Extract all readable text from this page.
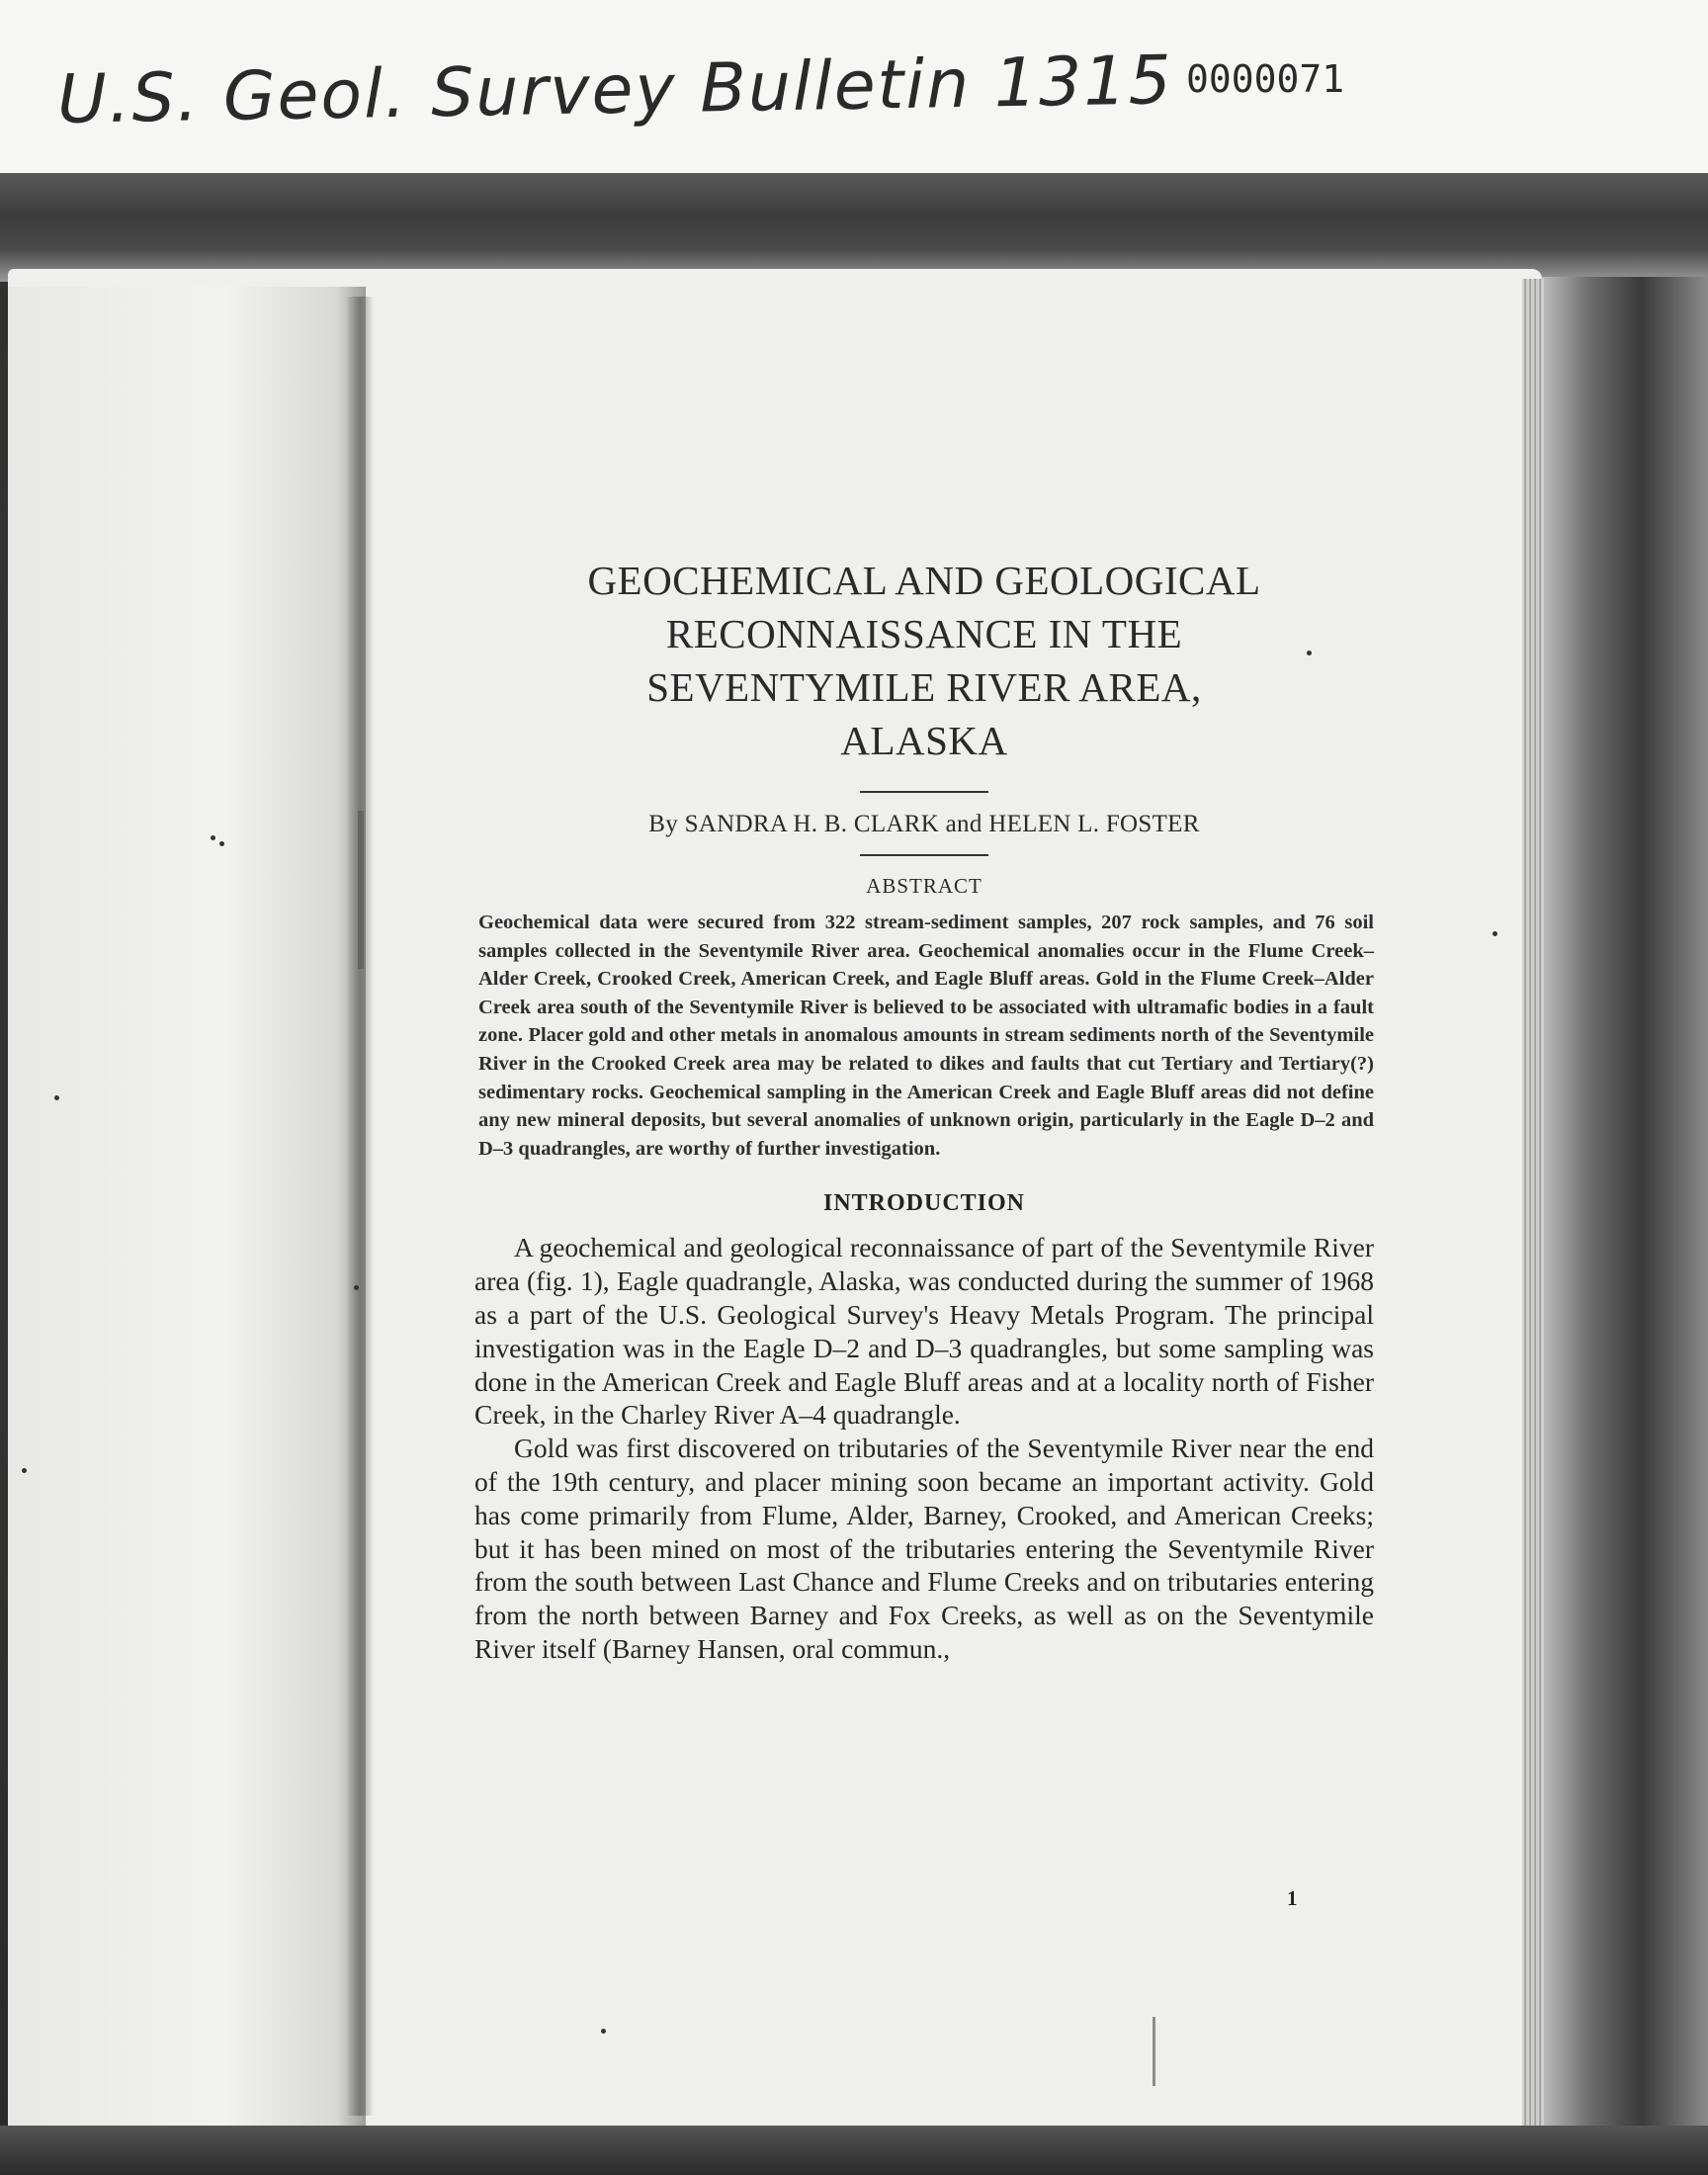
U.S. Geol. Survey Bulletin 1315 0000071
GEOCHEMICAL AND GEOLOGICAL
RECONNAISSANCE IN THE
SEVENTYMILE RIVER AREA,
ALASKA
By SANDRA H. B. CLARK and HELEN L. FOSTER
ABSTRACT

Geochemical data were secured from 322 stream-sediment samples, 207 rock samples, and 76 soil samples collected in the Seventymile River area. Geochemical anomalies occur in the Flume Creek–Alder Creek, Crooked Creek, American Creek, and Eagle Bluff areas. Gold in the Flume Creek–Alder Creek area south of the Seventymile River is believed to be associated with ultramafic bodies in a fault zone. Placer gold and other metals in anomalous amounts in stream sediments north of the Seventymile River in the Crooked Creek area may be related to dikes and faults that cut Tertiary and Tertiary(?) sedimentary rocks. Geochemical sampling in the American Creek and Eagle Bluff areas did not define any new mineral deposits, but several anomalies of unknown origin, particularly in the Eagle D–2 and D–3 quadrangles, are worthy of further investigation.

INTRODUCTION

A geochemical and geological reconnaissance of part of the Seventymile River area (fig. 1), Eagle quadrangle, Alaska, was conducted during the summer of 1968 as a part of the U.S. Geological Survey's Heavy Metals Program. The principal investigation was in the Eagle D–2 and D–3 quadrangles, but some sampling was done in the American Creek and Eagle Bluff areas and at a locality north of Fisher Creek, in the Charley River A–4 quadrangle.

Gold was first discovered on tributaries of the Seventymile River near the end of the 19th century, and placer mining soon became an important activity. Gold has come primarily from Flume, Alder, Barney, Crooked, and American Creeks; but it has been mined on most of the tributaries entering the Seventymile River from the south between Last Chance and Flume Creeks and on tributaries entering from the north between Barney and Fox Creeks, as well as on the Seventymile River itself (Barney Hansen, oral commun.,

1
